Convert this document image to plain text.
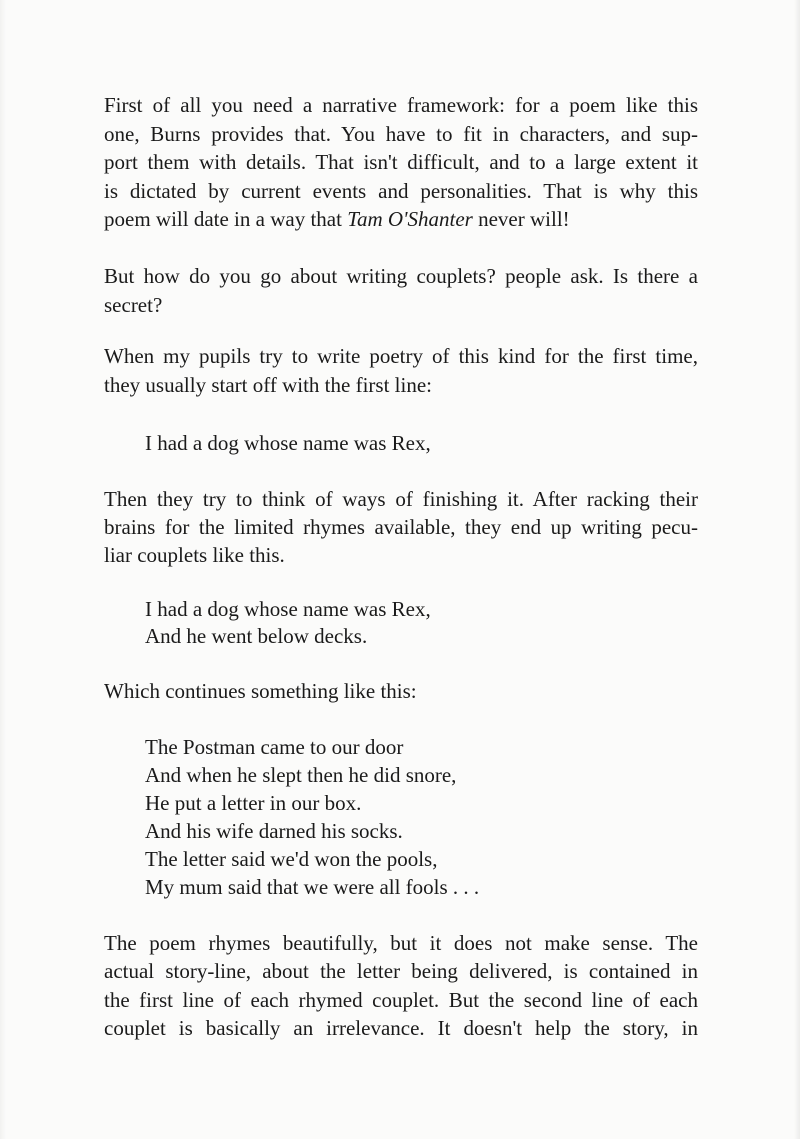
First of all you need a narrative framework: for a poem like this
one, Burns provides that. You have to fit in characters, and sup-
port them with details. That isn't difficult, and to a large extent it
is dictated by current events and personalities. That is why this
poem will date in a way that Tam O'Shanter never will!
But how do you go about writing couplets? people ask. Is there a
secret?
When my pupils try to write poetry of this kind for the first time,
they usually start off with the first line:
I had a dog whose name was Rex,
Then they try to think of ways of finishing it. After racking their
brains for the limited rhymes available, they end up writing pecu-
liar couplets like this.
I had a dog whose name was Rex,
And he went below decks.
Which continues something like this:
The Postman came to our door
And when he slept then he did snore,
He put a letter in our box.
And his wife darned his socks.
The letter said we'd won the pools,
My mum said that we were all fools . . .
The poem rhymes beautifully, but it does not make sense. The
actual story-line, about the letter being delivered, is contained in
the first line of each rhymed couplet. But the second line of each
couplet is basically an irrelevance. It doesn't help the story, in
